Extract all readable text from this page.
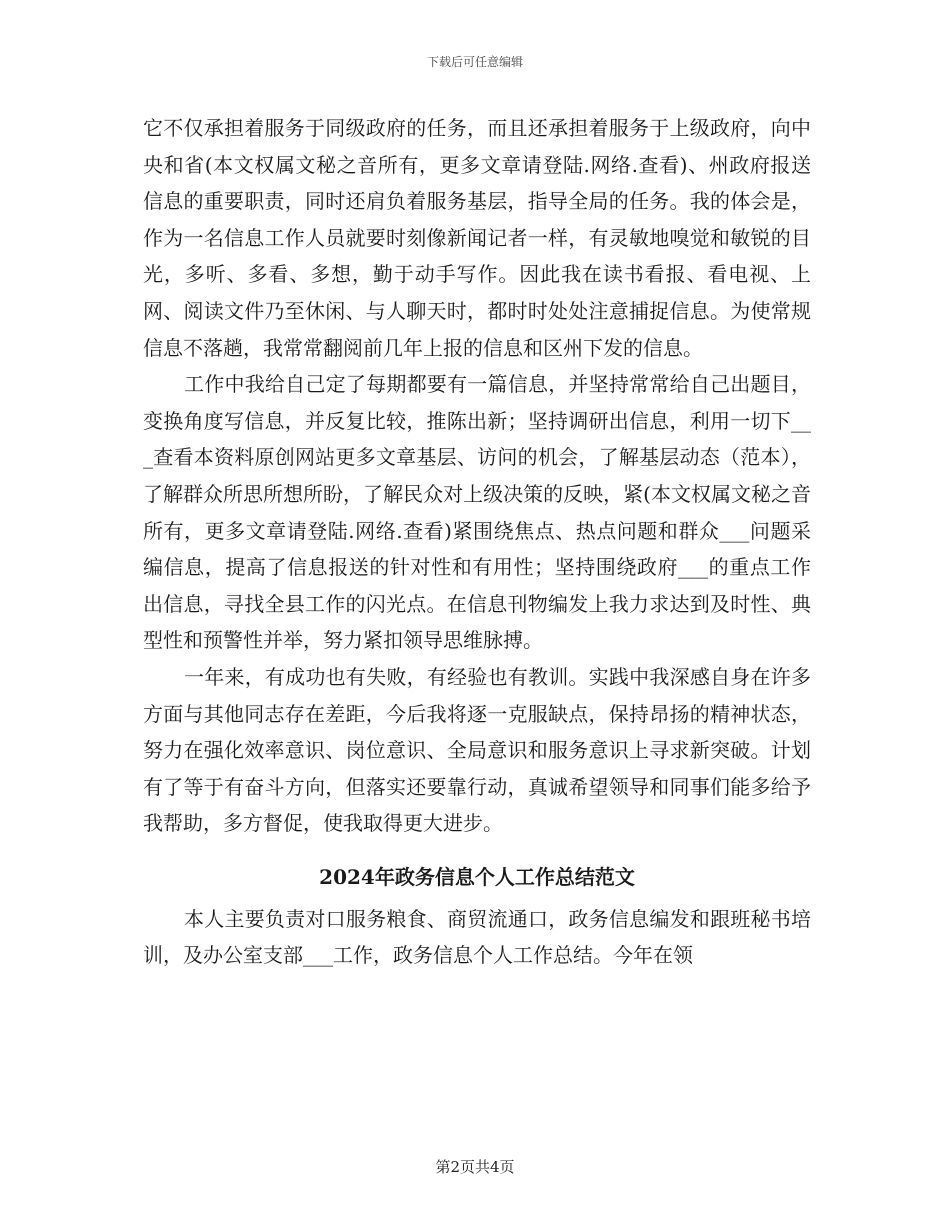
下载后可任意编辑

它不仅承担着服务于同级政府的任务，而且还承担着服务于上级政府，向中央和省(本文权属文秘之音所有，更多文章请登陆.网络.查看)、州政府报送信息的重要职责，同时还肩负着服务基层，指导全局的任务。我的体会是，作为一名信息工作人员就要时刻像新闻记者一样，有灵敏地嗅觉和敏锐的目光，多听、多看、多想，勤于动手写作。因此我在读书看报、看电视、上网、阅读文件乃至休闲、与人聊天时，都时时处处注意捕捉信息。为使常规信息不落趟，我常常翻阅前几年上报的信息和区州下发的信息。

工作中我给自己定了每期都要有一篇信息，并坚持常常给自己出题目，变换角度写信息，并反复比较，推陈出新；坚持调研出信息，利用一切下___查看本资料原创网站更多文章基层、访问的机会，了解基层动态（范本），了解群众所思所想所盼，了解民众对上级决策的反映，紧(本文权属文秘之音所有，更多文章请登陆.网络.查看)紧围绕焦点、热点问题和群众___问题采编信息，提高了信息报送的针对性和有用性；坚持围绕政府___的重点工作出信息，寻找全县工作的闪光点。在信息刊物编发上我力求达到及时性、典型性和预警性并举，努力紧扣领导思维脉搏。

一年来，有成功也有失败，有经验也有教训。实践中我深感自身在许多方面与其他同志存在差距，今后我将逐一克服缺点，保持昂扬的精神状态，努力在强化效率意识、岗位意识、全局意识和服务意识上寻求新突破。计划有了等于有奋斗方向，但落实还要靠行动，真诚希望领导和同事们能多给予我帮助，多方督促，使我取得更大进步。

2024年政务信息个人工作总结范文

本人主要负责对口服务粮食、商贸流通口，政务信息编发和跟班秘书培训，及办公室支部___工作，政务信息个人工作总结。今年在领

第2页共4页
